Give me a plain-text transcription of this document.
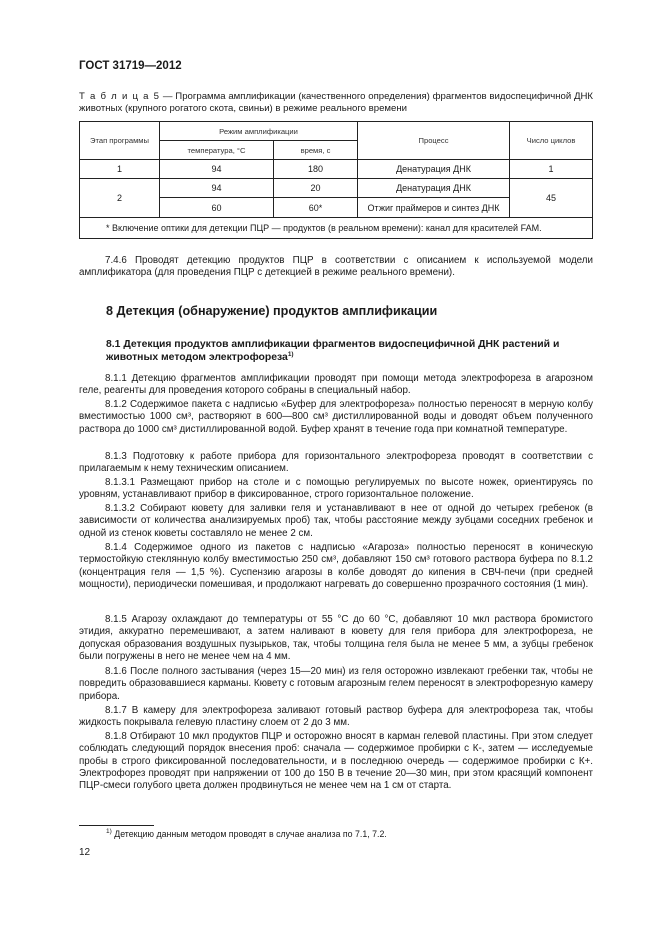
ГОСТ 31719—2012
Т а б л и ц а 5 — Программа амплификации (качественного определения) фрагментов видоспецифичной ДНК животных (крупного рогатого скота, свиньи) в режиме реального времени
Этап программы	Режим амплификации		Процесс	Число циклов
	температура, °С	время, с		
1	94	180	Денатурация ДНК	1
2	94	20	Денатурация ДНК	45
	60	60*	Отжиг праймеров и синтез ДНК	
* Включение оптики для детекции ПЦР — продуктов (в реальном времени): канал для красителей FAM.				
7.4.6 Проводят детекцию продуктов ПЦР в соответствии с описанием к используемой модели амплификатора (для проведения ПЦР с детекцией в режиме реального времени).
8 Детекция (обнаружение) продуктов амплификации
8.1 Детекция продуктов амплификации фрагментов видоспецифичной ДНК растений и животных методом электрофореза$^{1)}$
8.1.1 Детекцию фрагментов амплификации проводят при помощи метода электрофореза в агарозном геле, реагенты для проведения которого собраны в специальный набор.
8.1.2 Содержимое пакета с надписью «Буфер для электрофореза» полностью переносят в мерную колбу вместимостью 1000 см³, растворяют в 600—800 см³ дистиллированной воды и доводят объем полученного раствора до 1000 см³ дистиллированной водой. Буфер хранят в течение года при комнатной температуре.
8.1.3 Подготовку к работе прибора для горизонтального электрофореза проводят в соответствии с прилагаемым к нему техническим описанием.
8.1.3.1 Размещают прибор на столе и с помощью регулируемых по высоте ножек, ориентируясь по уровням, устанавливают прибор в фиксированное, строго горизонтальное положение.
8.1.3.2 Собирают кювету для заливки геля и устанавливают в нее от одной до четырех гребенок (в зависимости от количества анализируемых проб) так, чтобы расстояние между зубцами соседних гребенок и одной из стенок кюветы составляло не менее 2 см.
8.1.4 Содержимое одного из пакетов с надписью «Агароза» полностью переносят в коническую термостойкую стеклянную колбу вместимостью 250 см³, добавляют 150 см³ готового раствора буфера по 8.1.2 (концентрация геля — 1,5 %). Суспензию агарозы в колбе доводят до кипения в СВЧ-печи (при средней мощности), периодически помешивая, и продолжают нагревать до совершенно прозрачного состояния (1 мин).
8.1.5 Агарозу охлаждают до температуры от 55 °С до 60 °С, добавляют 10 мкл раствора бромистого этидия, аккуратно перемешивают, а затем наливают в кювету для геля прибора для электрофореза, не допуская образования воздушных пузырьков, так, чтобы толщина геля была не менее 5 мм, а зубцы гребенок были погружены в него не менее чем на 4 мм.
8.1.6 После полного застывания (через 15—20 мин) из геля осторожно извлекают гребенки так, чтобы не повредить образовавшиеся карманы. Кювету с готовым агарозным гелем переносят в электрофорезную камеру прибора.
8.1.7 В камеру для электрофореза заливают готовый раствор буфера для электрофореза так, чтобы жидкость покрывала гелевую пластину слоем от 2 до 3 мм.
8.1.8 Отбирают 10 мкл продуктов ПЦР и осторожно вносят в карман гелевой пластины. При этом следует соблюдать следующий порядок внесения проб: сначала — содержимое пробирки с К-, затем — исследуемые пробы в строго фиксированной последовательности, и в последнюю очередь — содержимое пробирки с К+. Электрофорез проводят при напряжении от 100 до 150 В в течение 20—30 мин, при этом красящий компонент ПЦР-смеси голубого цвета должен продвинуться не менее чем на 1 см от старта.
$^{1)}$ Детекцию данным методом проводят в случае анализа по 7.1, 7.2.
12
